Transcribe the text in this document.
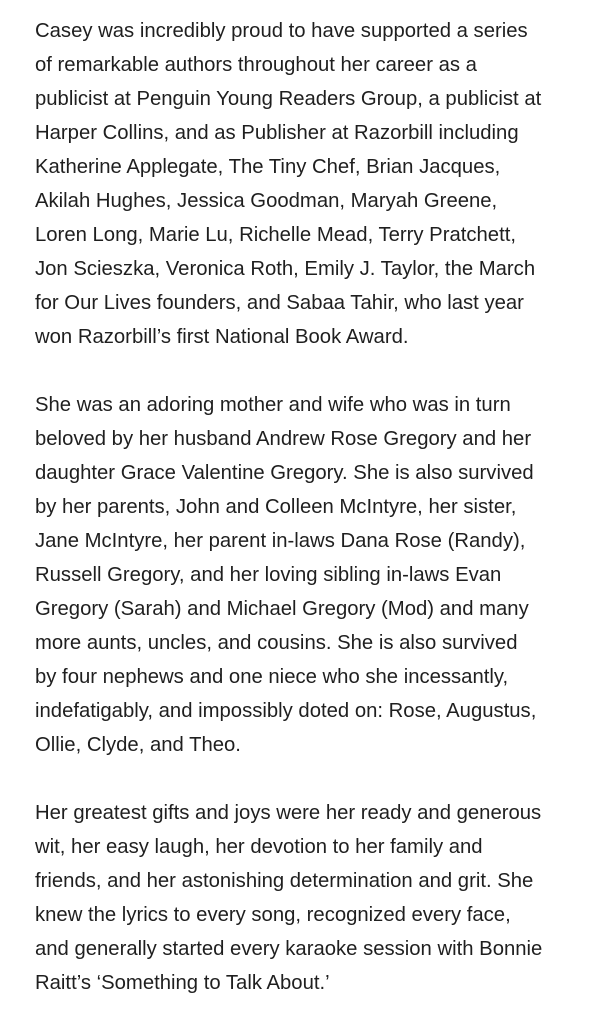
Casey was incredibly proud to have supported a series
of remarkable authors throughout her career as a
publicist at Penguin Young Readers Group, a publicist at
Harper Collins, and as Publisher at Razorbill including
Katherine Applegate, The Tiny Chef, Brian Jacques,
Akilah Hughes, Jessica Goodman, Maryah Greene,
Loren Long, Marie Lu, Richelle Mead, Terry Pratchett,
Jon Scieszka, Veronica Roth, Emily J. Taylor, the March
for Our Lives founders, and Sabaa Tahir, who last year
won Razorbill’s first National Book Award.

She was an adoring mother and wife who was in turn
beloved by her husband Andrew Rose Gregory and her
daughter Grace Valentine Gregory. She is also survived
by her parents, John and Colleen McIntyre, her sister,
Jane McIntyre, her parent in-laws Dana Rose (Randy),
Russell Gregory, and her loving sibling in-laws Evan
Gregory (Sarah) and Michael Gregory (Mod) and many
more aunts, uncles, and cousins. She is also survived
by four nephews and one niece who she incessantly,
indefatigably, and impossibly doted on: Rose, Augustus,
Ollie, Clyde, and Theo.

Her greatest gifts and joys were her ready and generous
wit, her easy laugh, her devotion to her family and
friends, and her astonishing determination and grit. She
knew the lyrics to every song, recognized every face,
and generally started every karaoke session with Bonnie
Raitt’s ‘Something to Talk About.’
